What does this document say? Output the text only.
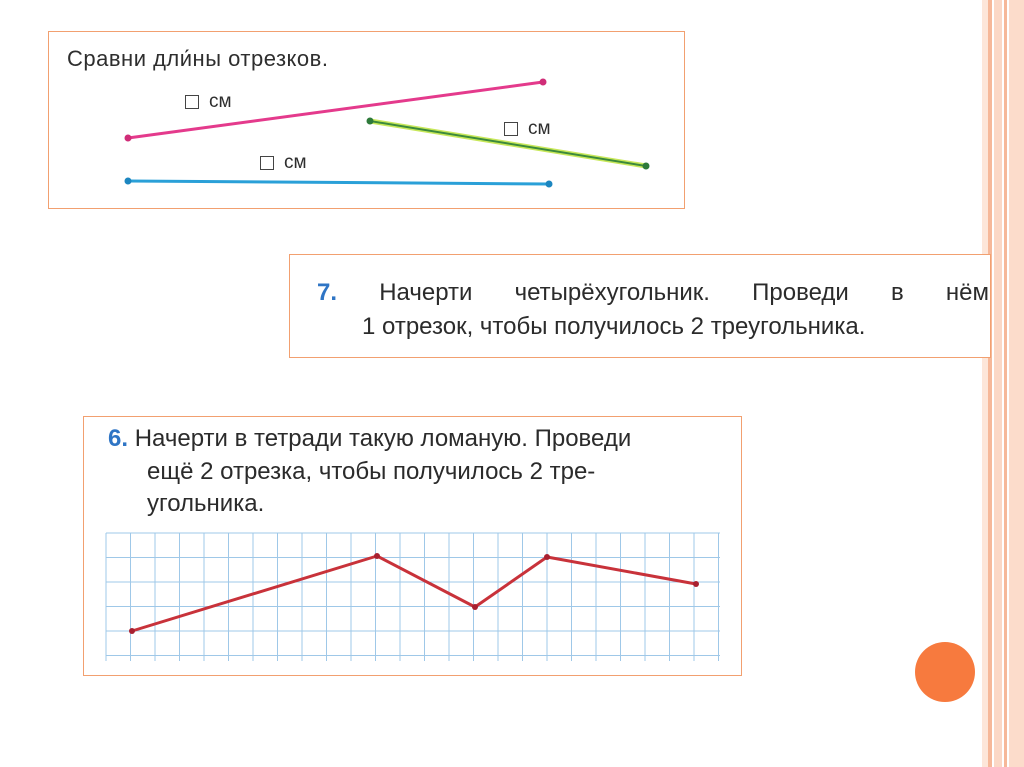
Сравни дли́ны отрезков.
см
см
см
7. Начерти четырёхугольник. Проведи в нём
1 отрезок, чтобы получилось 2 треугольника.
6. Начерти в тетради такую ломаную. Проведи
ещё 2 отрезка, чтобы получилось 2 тре-
угольника.
